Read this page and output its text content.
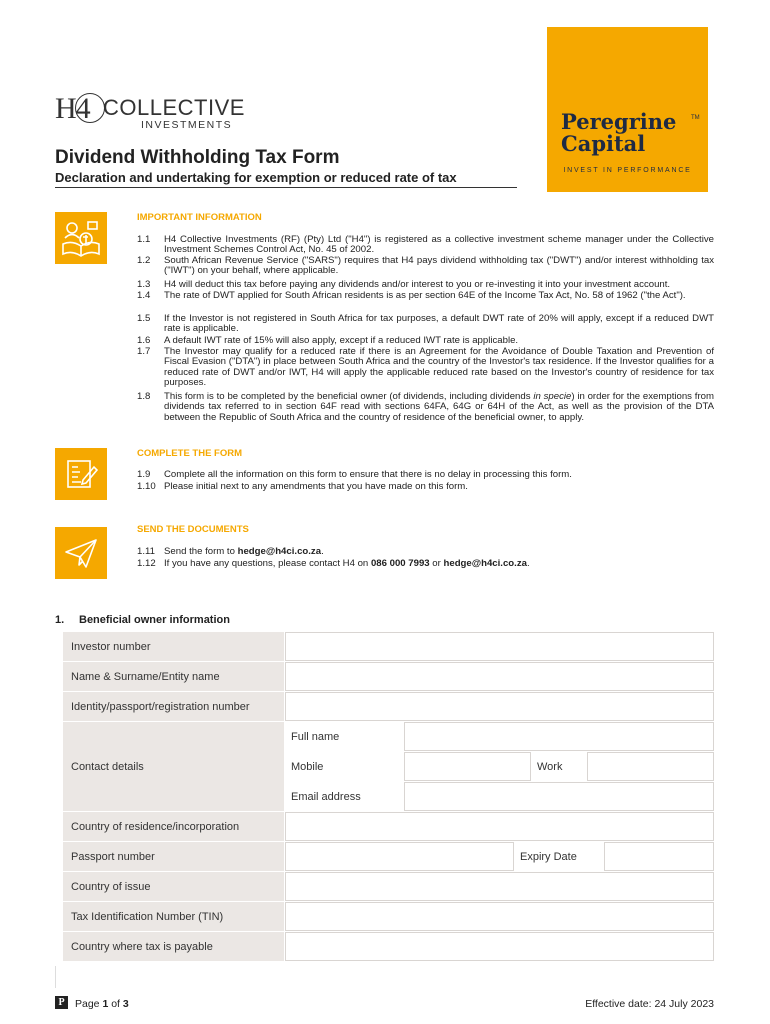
H4 COLLECTIVE
INVESTMENTS	Peregrine
Capital
TM
INVEST IN PERFORMANCE
Dividend Withholding Tax Form
Declaration and undertaking for exemption or reduced rate of tax
IMPORTANT INFORMATION
1.1	H4 Collective Investments (RF) (Pty) Ltd ("H4") is registered as a collective investment scheme manager under the Collective Investment Schemes Control Act, No. 45 of 2002.
1.2	South African Revenue Service ("SARS") requires that H4 pays dividend withholding tax ("DWT") and/or interest withholding tax ("IWT") on your behalf, where applicable.
1.3	H4 will deduct this tax before paying any dividends and/or interest to you or re-investing it into your investment account.
1.4	The rate of DWT applied for South African residents is as per section 64E of the Income Tax Act, No. 58 of 1962 ("the Act").
1.5	If the Investor is not registered in South Africa for tax purposes, a default DWT rate of 20% will apply, except if a reduced DWT rate is applicable.
1.6	A default IWT rate of 15% will also apply, except if a reduced IWT rate is applicable.
1.7	The Investor may qualify for a reduced rate if there is an Agreement for the Avoidance of Double Taxation and Prevention of Fiscal Evasion ("DTA") in place between South Africa and the country of the Investor's tax residence. If the Investor qualifies for a reduced rate of DWT and/or IWT, H4 will apply the applicable reduced rate based on the Investor's country of residence for tax purposes.
1.8	This form is to be completed by the beneficial owner (of dividends, including dividends in specie) in order for the exemptions from dividends tax referred to in section 64F read with sections 64FA, 64G or 64H of the Act, as well as the provision of the DTA between the Republic of South Africa and the country of residence of the beneficial owner, to apply.
COMPLETE THE FORM
1.9	Complete all the information on this form to ensure that there is no delay in processing this form.
1.10 Please initial next to any amendments that you have made on this form.
SEND THE DOCUMENTS
1.11 Send the form to hedge@h4ci.co.za.
1.12 If you have any questions, please contact H4 on 086 000 7993 or hedge@h4ci.co.za.
1. Beneficial owner information
Investor number
Name & Surname/Entity name
Identity/passport/registration number
Contact details
Full name
Mobile	Work
Email address
Country of residence/incorporation
Passport number	Expiry Date
Country of issue
Tax Identification Number (TIN)
Country where tax is payable
P Page 1 of 3	Effective date: 24 July 2023
